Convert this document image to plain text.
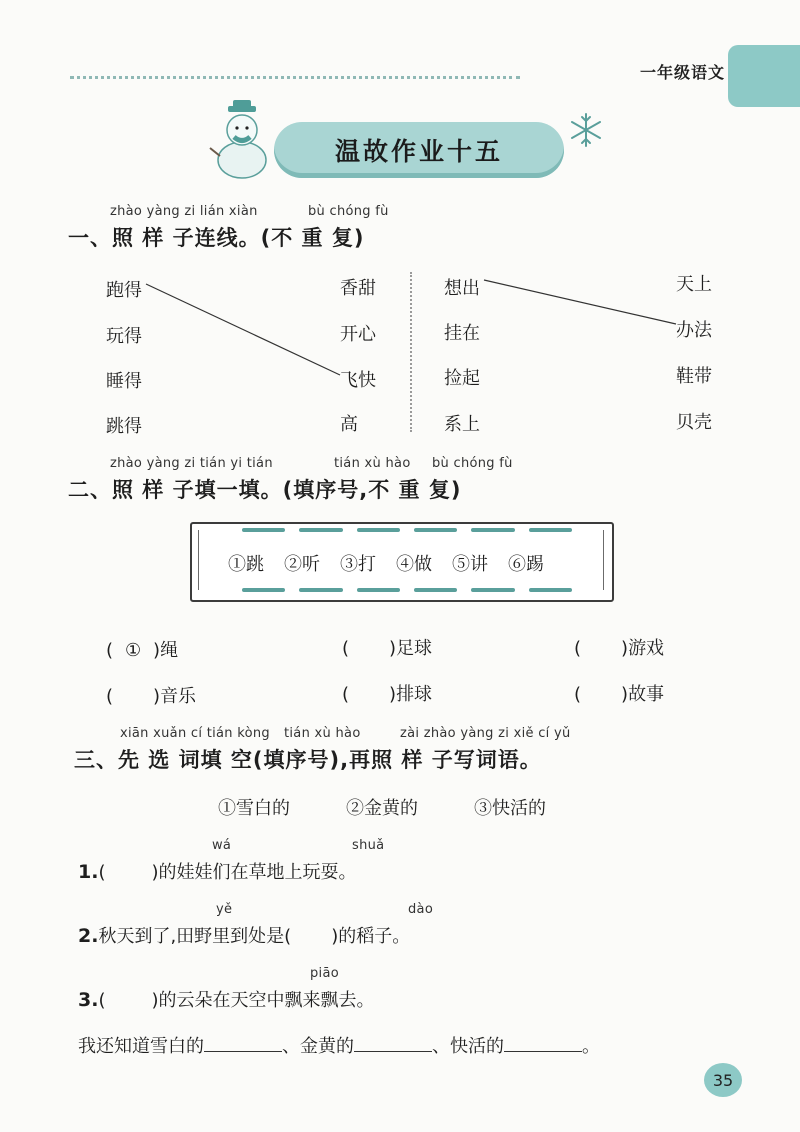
一年级语文
温故作业十五
zhào yàng zi lián xiàn	bù chóng fù
一、照 样 子连线。(不 重 复)
跑得
玩得
睡得
跳得
香甜
开心
飞快
高
想出
挂在
捡起
系上
天上
办法
鞋带
贝壳
zhào yàng zi tián yi tián	tián xù hào bù chóng fù
二、照 样 子填一填。(填序号,不 重 复)
①跳 ②听 ③打 ④做 ⑤讲 ⑥踢
( ① )绳	( )足球	( )游戏
( )音乐	( )排球	( )故事
xiān xuǎn cí tián kòng tián xù hào	zài zhào yàng zi xiě cí yǔ
三、先 选 词填 空(填序号),再照 样 子写词语。
①雪白的	②金黄的	③快活的
wá	shuǎ
1.(	)的娃娃们在草地上玩耍。
yě	dào
2.秋天到了,田野里到处是( )的稻子。
piāo
3.(	)的云朵在天空中飘来飘去。
我还知道雪白的	、金黄的	、快活的	。
35
